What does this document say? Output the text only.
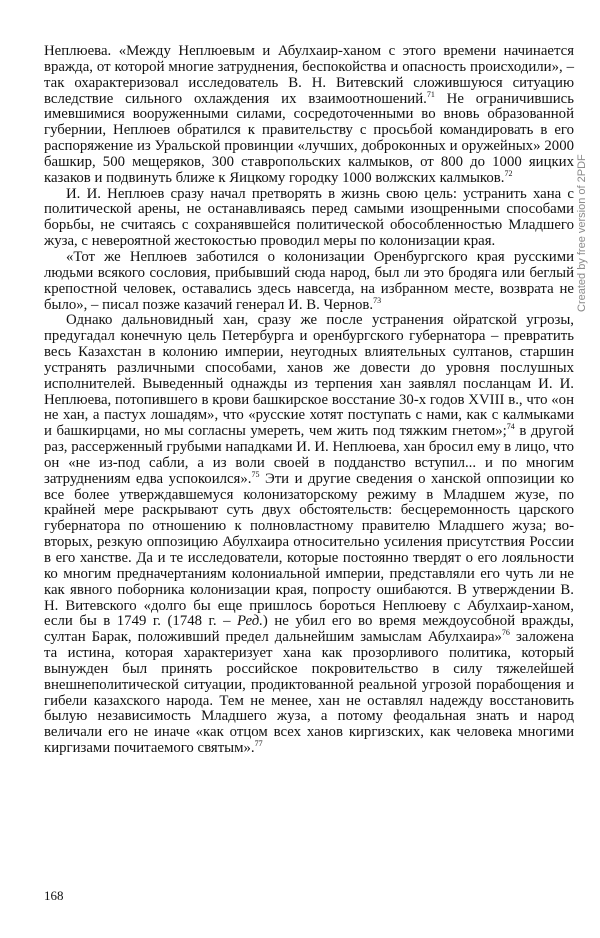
Неплюева. «Между Неплюевым и Абулхаир-ханом с этого времени начинается вражда, от которой многие затруднения, беспокойства и опасность происходили», – так охарактеризовал исследователь В. Н. Витевский сложившуюся ситуацию вследствие сильного охлаждения их взаимоотношений.$^{71}$ Не ограничившись имевшимися вооруженными силами, сосредоточенными во вновь образованной губернии, Неплюев обратился к правительству с просьбой командировать в его распоряжение из Уральской провинции «лучших, доброконных и оружейных» 2000 башкир, 500 мещеряков, 300 ставропольских калмыков, от 800 до 1000 яицких казаков и подвинуть ближе к Яицкому городку 1000 волжских калмыков.$^{72}$

И. И. Неплюев сразу начал претворять в жизнь свою цель: устранить хана с политической арены, не останавливаясь перед самыми изощренными способами борьбы, не считаясь с сохранявшейся политической обособленностью Младшего жуза, с невероятной жестокостью проводил меры по колонизации края.

«Тот же Неплюев заботился о колонизации Оренбургского края русскими людьми всякого сословия, прибывший сюда народ, был ли это бродяга или беглый крепостной человек, оставались здесь навсегда, на избранном месте, возврата не было», – писал позже казачий генерал И. В. Чернов.$^{73}$

Однако дальновидный хан, сразу же после устранения ойратской угрозы, предугадал конечную цель Петербурга и оренбургского губернатора – превратить весь Казахстан в колонию империи, неугодных влиятельных султанов, старшин устранять различными способами, ханов же довести до уровня послушных исполнителей. Выведенный однажды из терпения хан заявлял посланцам И. И. Неплюева, потопившего в крови башкирское восстание 30-х годов XVIII в., что «он не хан, а пастух лошадям», что «русские хотят поступать с нами, как с калмыками и башкирцами, но мы согласны умереть, чем жить под тяжким гнетом»;$^{74}$ в другой раз, рассерженный грубыми нападками И. И. Неплюева, хан бросил ему в лицо, что он «не из-под сабли, а из воли своей в подданство вступил... и по многим затруднениям едва успокоился».$^{75}$ Эти и другие сведения о ханской оппозиции ко все более утверждавшемуся колонизаторскому режиму в Младшем жузе, по крайней мере раскрывают суть двух обстоятельств: бесцеремонность царского губернатора по отношению к полновластному правителю Младшего жуза; во-вторых, резкую оппозицию Абулхаира относительно усиления присутствия России в его ханстве. Да и те исследователи, которые постоянно твердят о его лояльности ко многим предначертаниям колониальной империи, представляли его чуть ли не как явного поборника колонизации края, попросту ошибаются. В утверждении В. Н. Витевского «долго бы еще пришлось бороться Неплюеву с Абулхаир-ханом, если бы в 1749 г. (1748 г. – Ред.) не убил его во время междоусобной вражды, султан Барак, положивший предел дальнейшим замыслам Абулхаира»$^{76}$ заложена та истина, которая характеризует хана как прозорливого политика, который вынужден был принять российское покровительство в силу тяжелейшей внешнеполитической ситуации, продиктованной реальной угрозой порабощения и гибели казахского народа. Тем не менее, хан не оставлял надежду восстановить былую независимость Младшего жуза, а потому феодальная знать и народ величали его не иначе «как отцом всех ханов киргизских, как человека многими киргизами почитаемого святым».$^{77}$

168
Created by free version of 2PDF
